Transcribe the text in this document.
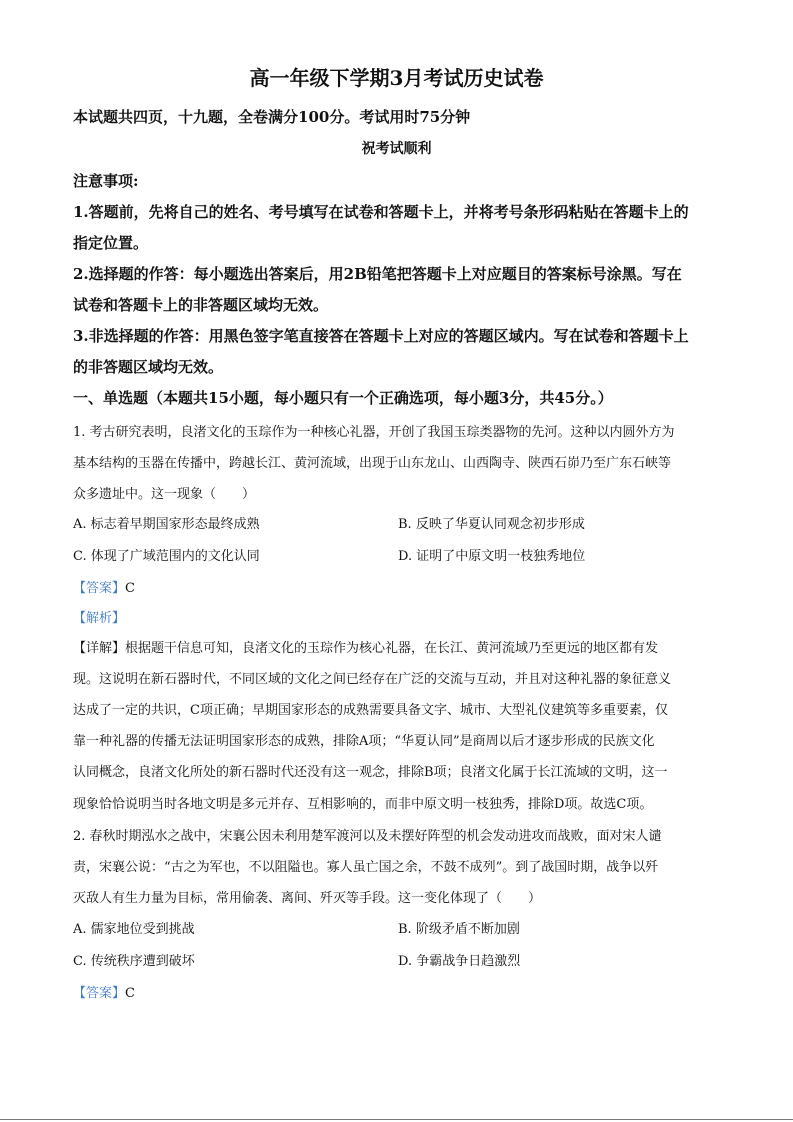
高一年级下学期3月考试历史试卷
本试题共四页，十九题，全卷满分100分。考试用时75分钟
祝考试顺利
注意事项:
1.答题前，先将自己的姓名、考号填写在试卷和答题卡上，并将考号条形码粘贴在答题卡上的
指定位置。
2.选择题的作答：每小题选出答案后，用2B铅笔把答题卡上对应题目的答案标号涂黑。写在
试卷和答题卡上的非答题区域均无效。
3.非选择题的作答：用黑色签字笔直接答在答题卡上对应的答题区域内。写在试卷和答题卡上
的非答题区域均无效。
一、单选题（本题共15小题，每小题只有一个正确选项，每小题3分，共45分。）
1. 考古研究表明，良渚文化的玉琮作为一种核心礼器，开创了我国玉琮类器物的先河。这种以内圆外方为
基本结构的玉器在传播中，跨越长江、黄河流域，出现于山东龙山、山西陶寺、陕西石峁乃至广东石峡等
众多遗址中。这一现象（　　）
A. 标志着早期国家形态最终成熟	B. 反映了华夏认同观念初步形成
C. 体现了广域范围内的文化认同	D. 证明了中原文明一枝独秀地位
【答案】C
【解析】
【详解】根据题干信息可知，良渚文化的玉琮作为核心礼器，在长江、黄河流域乃至更远的地区都有发
现。这说明在新石器时代，不同区域的文化之间已经存在广泛的交流与互动，并且对这种礼器的象征意义
达成了一定的共识，C项正确；早期国家形态的成熟需要具备文字、城市、大型礼仪建筑等多重要素，仅
靠一种礼器的传播无法证明国家形态的成熟，排除A项；“华夏认同”是商周以后才逐步形成的民族文化
认同概念，良渚文化所处的新石器时代还没有这一观念，排除B项；良渚文化属于长江流域的文明，这一
现象恰恰说明当时各地文明是多元并存、互相影响的，而非中原文明一枝独秀，排除D项。故选C项。
2. 春秋时期泓水之战中，宋襄公因未利用楚军渡河以及未摆好阵型的机会发动进攻而战败，面对宋人谴
责，宋襄公说：“古之为军也，不以阻隘也。寡人虽亡国之余，不鼓不成列”。到了战国时期，战争以歼
灭敌人有生力量为目标，常用偷袭、离间、歼灭等手段。这一变化体现了（　　）
A. 儒家地位受到挑战	B. 阶级矛盾不断加剧
C. 传统秩序遭到破坏	D. 争霸战争日趋激烈
【答案】C
